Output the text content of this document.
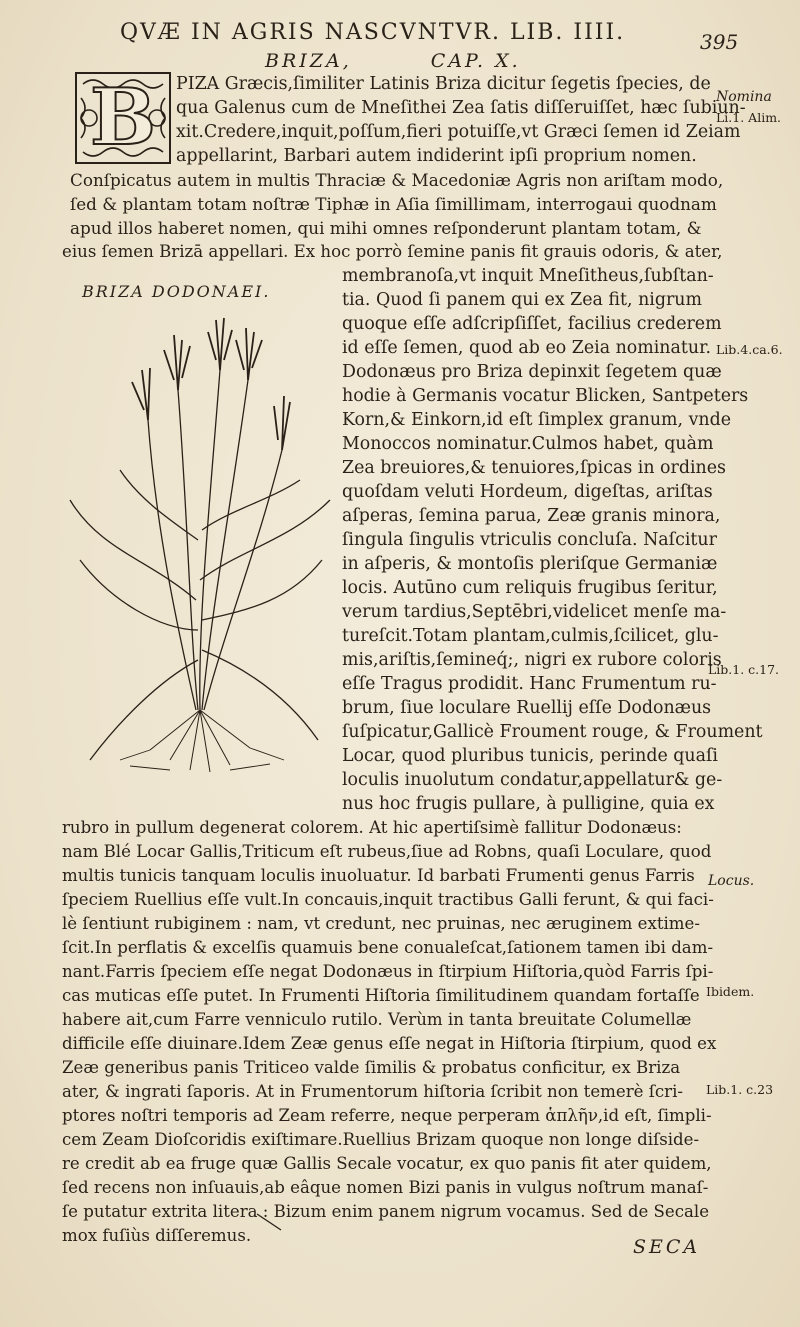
QVÆ IN AGRIS NASCVNTVR. LIB. IIII.	395
BRIZA,	CAP. X.
B
BRIZA DODONAEI.
PIZA Græcis,ſimiliter Latinis Briza dicitur ſegetis ſpecies, de
qua Galenus cum de Mneſithei Zea ſatis diſſeruiſſet, hæc ſubiun-
xit.Credere,inquit,poſſum,fieri potuiſſe,vt Græci ſemen id Zeiam
appellarint, Barbari autem indiderint ipſi proprium nomen.
Conſpicatus autem in multis Thraciæ & Macedoniæ Agris non ariſtam modo,
ſed & plantam totam noſtræ Tiphæ in Aſia ſimillimam, interrogaui quodnam
apud illos haberet nomen, qui mihi omnes reſponderunt plantam totam, &
eius ſemen Brizā appellari. Ex hoc porrò ſemine panis fit grauis odoris, & ater,
membranoſa,vt inquit Mneſitheus,ſubſtan-
tia. Quod ſi panem qui ex Zea fit, nigrum
quoque eſſe adſcripſiſſet, facilius crederem
id eſſe ſemen, quod ab eo Zeia nominatur.
Dodonæus pro Briza depinxit ſegetem quæ
hodie à Germanis vocatur Blicken, Santpeters
Korn,& Einkorn,id eſt ſimplex granum, vnde
Monoccos nominatur.Culmos habet, quàm
Zea breuiores,& tenuiores,ſpicas in ordines
quoſdam veluti Hordeum, digeſtas, ariſtas
aſperas, ſemina parua, Zeæ granis minora,
ſingula ſingulis vtriculis concluſa. Naſcitur
in aſperis, & montoſis pleriſque Germaniæ
locis. Autūno cum reliquis frugibus ſeritur,
verum tardius,Septēbri,videlicet menſe ma-
tureſcit.Totam plantam,culmis,ſcilicet, glu-
mis,ariſtis,ſemineq́;, nigri ex rubore coloris
eſſe Tragus prodidit. Hanc Frumentum ru-
brum, ſiue loculare Ruellij eſſe Dodonæus
ſuſpicatur,Gallicè Froument rouge, & Froument
Locar, quod pluribus tunicis, perinde quaſi
loculis inuolutum condatur,appellatur& ge-
nus hoc frugis pullare, à pulligine, quia ex
rubro in pullum degenerat colorem. At hic apertiſsimè fallitur Dodonæus:
nam Blé Locar Gallis,Triticum eſt rubeus,ſiue ad Robns, quaſi Loculare, quod
multis tunicis tanquam loculis inuoluatur. Id barbati Frumenti genus Farris
ſpeciem Ruellius eſſe vult.In concauis,inquit tractibus Galli ferunt, & qui faci-
lè ſentiunt rubiginem : nam, vt credunt, nec pruinas, nec æruginem extime-
ſcit.In perflatis & excelſis quamuis bene conualeſcat,ſationem tamen ibi dam-
nant.Farris ſpeciem eſſe negat Dodonæus in ſtirpium Hiſtoria,quòd Farris ſpi-
cas muticas eſſe putet. In Frumenti Hiſtoria ſimilitudinem quandam fortaſſe
habere ait,cum Farre venniculo rutilo. Verùm in tanta breuitate Columellæ
difficile eſſe diuinare.Idem Zeæ genus eſſe negat in Hiſtoria ſtirpium, quod ex
Zeæ generibus panis Triticeo valde ſimilis & probatus conficitur, ex Briza
ater, & ingrati ſaporis. At in Frumentorum hiſtoria ſcribit non temerè ſcri-
ptores noſtri temporis ad Zeam referre, neque perperam ἁπλῆν,id eſt, ſimpli-
cem Zeam Dioſcoridis exiſtimare.Ruellius Brizam quoque non longe diſside-
re credit ab ea fruge quæ Gallis Secale vocatur, ex quo panis fit ater quidem,
ſed recens non inſuauis,ab eâque nomen Bizi panis in vulgus noſtrum manaſ-
ſe putatur extrita litera : Bizum enim panem nigrum vocamus. Sed de Secale
mox fuſiùs diſſeremus.
Nomina
Li.1. Alim.
Lib.4.ca.6.
Lib.1. c.17.
Locus.
Ibidem.
Lib.1. c.23
SECA
